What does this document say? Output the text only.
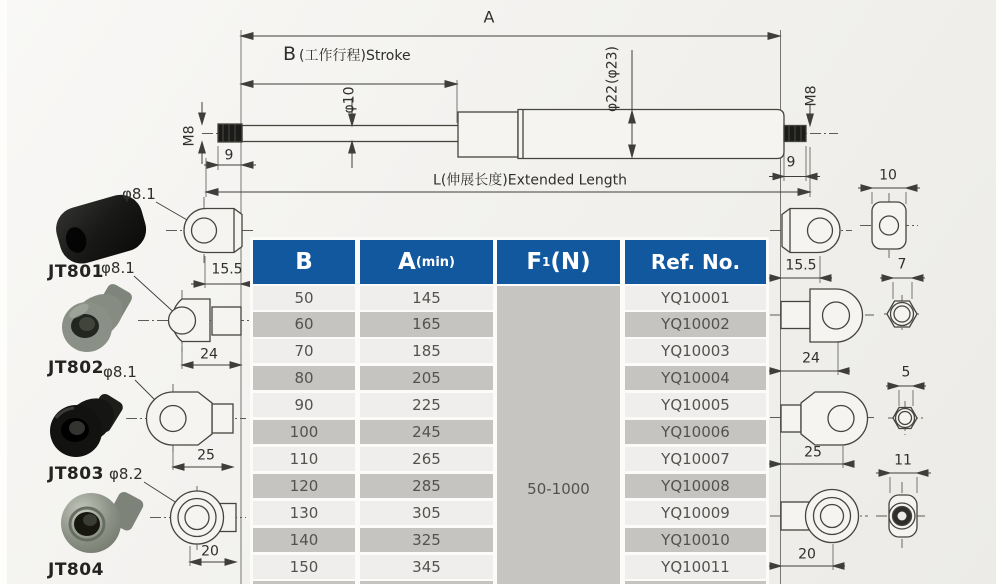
A
B (工作行程)Stroke
φ10	φ22
(φ23)
M8
M8
9	9
L(伸展长度)Extended Length
JT801
JT802
JT803
JT804
φ8.1
φ8.1
φ8.1
φ8.2
15.5
24
25
20
15.5
24
25
20
10
7
5
11
B
50
60
70
80
90
100
110
120
130
140
150
A (min)
145
165
185
205
225
245
265
285
305
325
345
F 1 (N)
50-1000
Ref. No.
YQ10001
YQ10002
YQ10003
YQ10004
YQ10005
YQ10006
YQ10007
YQ10008
YQ10009
YQ10010
YQ10011
